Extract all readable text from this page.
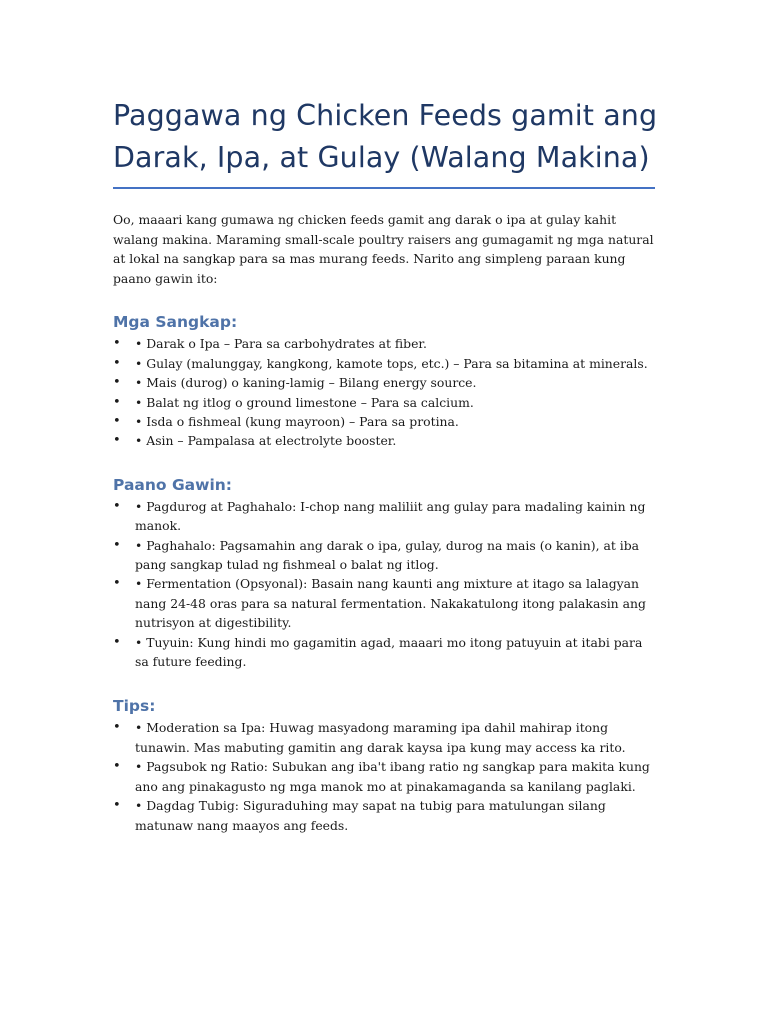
Paggawa ng Chicken Feeds gamit ang Darak, Ipa, at Gulay (Walang Makina)

Oo, maaari kang gumawa ng chicken feeds gamit ang darak o ipa at gulay kahit walang makina. Maraming small-scale poultry raisers ang gumagamit ng mga natural at lokal na sangkap para sa mas murang feeds. Narito ang simpleng paraan kung paano gawin ito:

Mga Sangkap:
• • Darak o Ipa – Para sa carbohydrates at fiber.
• • Gulay (malunggay, kangkong, kamote tops, etc.) – Para sa bitamina at minerals.
• • Mais (durog) o kaning-lamig – Bilang energy source.
• • Balat ng itlog o ground limestone – Para sa calcium.
• • Isda o fishmeal (kung mayroon) – Para sa protina.
• • Asin – Pampalasa at electrolyte booster.
Paano Gawin:
• • Pagdurog at Paghahalo: I-chop nang maliliit ang gulay para madaling kainin ng manok.
• • Paghahalo: Pagsamahin ang darak o ipa, gulay, durog na mais (o kanin), at iba pang sangkap tulad ng fishmeal o balat ng itlog.
• • Fermentation (Opsyonal): Basain nang kaunti ang mixture at itago sa lalagyan nang 24-48 oras para sa natural fermentation. Nakakatulong itong palakasin ang nutrisyon at digestibility.
• • Tuyuin: Kung hindi mo gagamitin agad, maaari mo itong patuyuin at itabi para sa future feeding.
Tips:
• • Moderation sa Ipa: Huwag masyadong maraming ipa dahil mahirap itong tunawin. Mas mabuting gamitin ang darak kaysa ipa kung may access ka rito.
• • Pagsubok ng Ratio: Subukan ang iba't ibang ratio ng sangkap para makita kung ano ang pinakagusto ng mga manok mo at pinakamaganda sa kanilang paglaki.
• • Dagdag Tubig: Siguraduhing may sapat na tubig para matulungan silang matunaw nang maayos ang feeds.
